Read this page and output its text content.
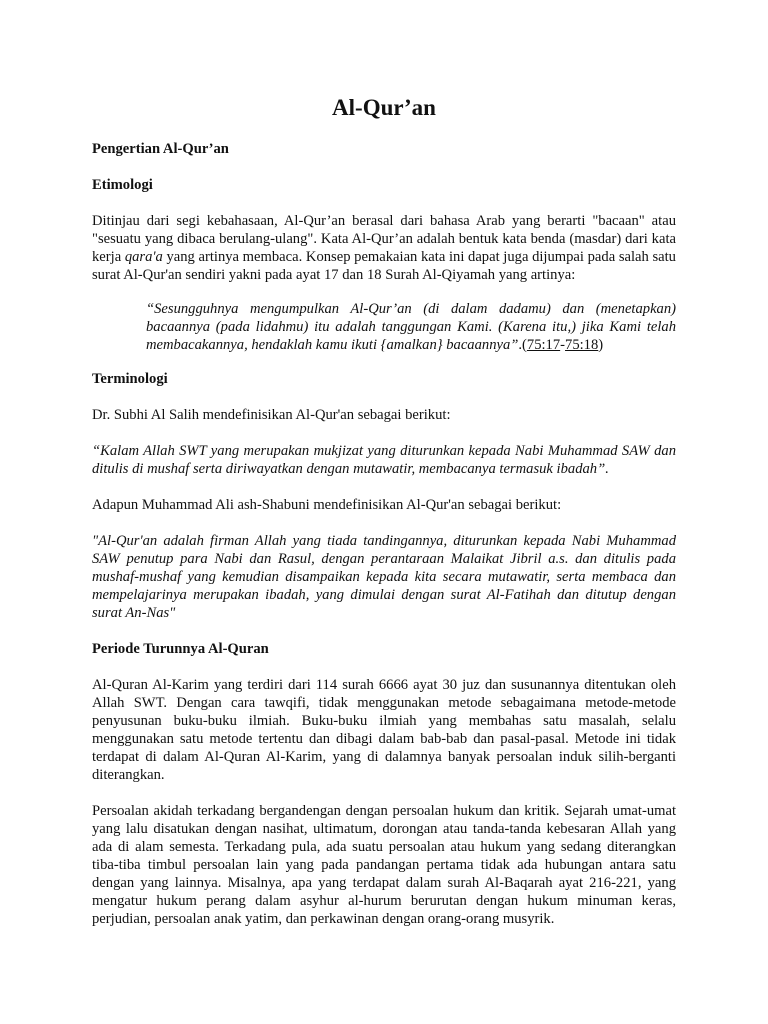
Al-Qur’an

Pengertian Al-Qur’an

Etimologi

Ditinjau dari segi kebahasaan, Al-Qur’an berasal dari bahasa Arab yang berarti "bacaan" atau "sesuatu yang dibaca berulang-ulang". Kata Al-Qur’an adalah bentuk kata benda (masdar) dari kata kerja qara'a yang artinya membaca. Konsep pemakaian kata ini dapat juga dijumpai pada salah satu surat Al-Qur'an sendiri yakni pada ayat 17 dan 18 Surah Al-Qiyamah yang artinya:

“Sesungguhnya mengumpulkan Al-Qur’an (di dalam dadamu) dan (menetapkan) bacaannya (pada lidahmu) itu adalah tanggungan Kami. (Karena itu,) jika Kami telah membacakannya, hendaklah kamu ikuti {amalkan} bacaannya”.(75:17-75:18)

Terminologi

Dr. Subhi Al Salih mendefinisikan Al-Qur'an sebagai berikut:

“Kalam Allah SWT yang merupakan mukjizat yang diturunkan kepada Nabi Muhammad SAW dan ditulis di mushaf serta diriwayatkan dengan mutawatir, membacanya termasuk ibadah”.

Adapun Muhammad Ali ash-Shabuni mendefinisikan Al-Qur'an sebagai berikut:

"Al-Qur'an adalah firman Allah yang tiada tandingannya, diturunkan kepada Nabi Muhammad SAW penutup para Nabi dan Rasul, dengan perantaraan Malaikat Jibril a.s. dan ditulis pada mushaf-mushaf yang kemudian disampaikan kepada kita secara mutawatir, serta membaca dan mempelajarinya merupakan ibadah, yang dimulai dengan surat Al-Fatihah dan ditutup dengan surat An-Nas"

Periode Turunnya Al-Quran

Al-Quran Al-Karim yang terdiri dari 114 surah 6666 ayat 30 juz dan susunannya ditentukan oleh Allah SWT. Dengan cara tawqifi, tidak menggunakan metode sebagaimana metode-metode penyusunan buku-buku ilmiah. Buku-buku ilmiah yang membahas satu masalah, selalu menggunakan satu metode tertentu dan dibagi dalam bab-bab dan pasal-pasal. Metode ini tidak terdapat di dalam Al-Quran Al-Karim, yang di dalamnya banyak persoalan induk silih-berganti diterangkan.

Persoalan akidah terkadang bergandengan dengan persoalan hukum dan kritik. Sejarah umat-umat yang lalu disatukan dengan nasihat, ultimatum, dorongan atau tanda-tanda kebesaran Allah yang ada di alam semesta. Terkadang pula, ada suatu persoalan atau hukum yang sedang diterangkan tiba-tiba timbul persoalan lain yang pada pandangan pertama tidak ada hubungan antara satu dengan yang lainnya. Misalnya, apa yang terdapat dalam surah Al-Baqarah ayat 216-221, yang mengatur hukum perang dalam asyhur al-hurum berurutan dengan hukum minuman keras, perjudian, persoalan anak yatim, dan perkawinan dengan orang-orang musyrik.
